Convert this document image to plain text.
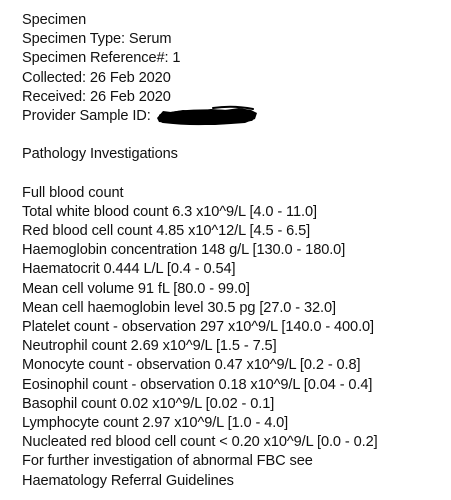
Specimen
Specimen Type: Serum
Specimen Reference#: 1
Collected: 26 Feb 2020
Received: 26 Feb 2020
Provider Sample ID:
Pathology Investigations
Full blood count
Total white blood count 6.3 x10^9/L [4.0 - 11.0]
Red blood cell count 4.85 x10^12/L [4.5 - 6.5]
Haemoglobin concentration 148 g/L [130.0 - 180.0]
Haematocrit 0.444 L/L [0.4 - 0.54]
Mean cell volume 91 fL [80.0 - 99.0]
Mean cell haemoglobin level 30.5 pg [27.0 - 32.0]
Platelet count - observation 297 x10^9/L [140.0 - 400.0]
Neutrophil count 2.69 x10^9/L [1.5 - 7.5]
Monocyte count - observation 0.47 x10^9/L [0.2 - 0.8]
Eosinophil count - observation 0.18 x10^9/L [0.04 - 0.4]
Basophil count 0.02 x10^9/L [0.02 - 0.1]
Lymphocyte count 2.97 x10^9/L [1.0 - 4.0]
Nucleated red blood cell count < 0.20 x10^9/L [0.0 - 0.2]
For further investigation of abnormal FBC see
Haematology Referral Guidelines
